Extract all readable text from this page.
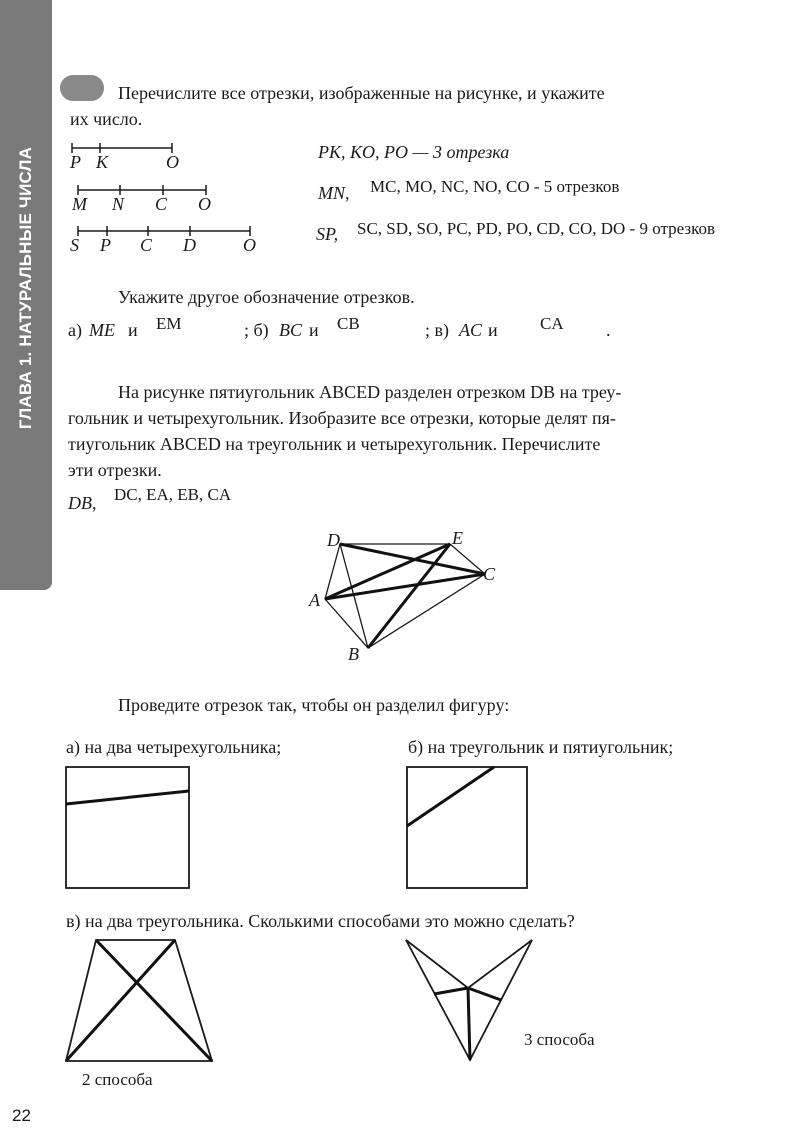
ГЛАВА 1. НАТУРАЛЬНЫЕ ЧИСЛА
Перечислите все отрезки, изображенные на рисунке, и укажите
их число.
P K	O
M N C O
S P C D	O
PK, KO, PO — 3 отрезка
MN, MC, MO, NC, NO, CO - 5 отрезков
SP, SC, SD, SO, PC, PD, PO, CD, CO, DO - 9 отрезков
Укажите другое обозначение отрезков.
а) ME и EM	; б) BC и CB	; в) AC и CA .
На рисунке пятиугольник ABCED разделен отрезком DB на треу-
гольник и четырехугольник. Изобразите все отрезки, которые делят пя-
тиугольник ABCED на треугольник и четырехугольник. Перечислите
эти отрезки.
DB, DC, EA, EB, CA
D	E
C
A
B
Проведите отрезок так, чтобы он разделил фигуру:
а) на два четырехугольника;	б) на треугольник и пятиугольник;
в) на два треугольника. Сколькими способами это можно сделать?
2 способа
3 способа
22
